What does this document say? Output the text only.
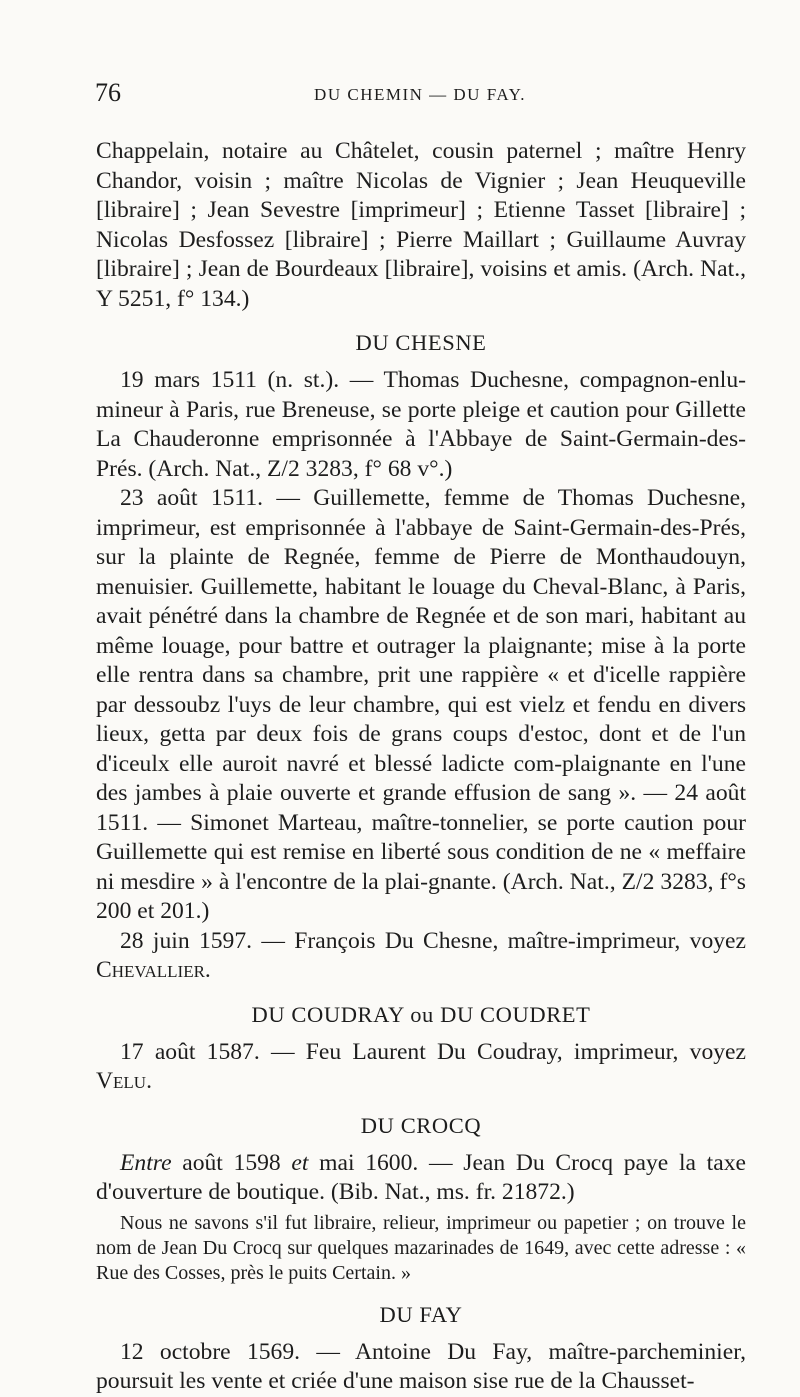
76	DU CHEMIN — DU FAY.

Chappelain, notaire au Châtelet, cousin paternel ; maître Henry Chandor, voisin ; maître Nicolas de Vignier ; Jean Heuqueville [libraire] ; Jean Sevestre [imprimeur] ; Etienne Tasset [libraire] ; Nicolas Desfossez [libraire] ; Pierre Maillart ; Guillaume Auvray [libraire] ; Jean de Bourdeaux [libraire], voisins et amis. (Arch. Nat., Y 5251, f° 134.)

DU CHESNE

19 mars 1511 (n. st.). — Thomas Duchesne, compagnon-enlu-mineur à Paris, rue Breneuse, se porte pleige et caution pour Gillette La Chauderonne emprisonnée à l'Abbaye de Saint-Germain-des-Prés. (Arch. Nat., Z/2 3283, f° 68 v°.)

23 août 1511. — Guillemette, femme de Thomas Duchesne, imprimeur, est emprisonnée à l'abbaye de Saint-Germain-des-Prés, sur la plainte de Regnée, femme de Pierre de Monthaudouyn, menuisier. Guillemette, habitant le louage du Cheval-Blanc, à Paris, avait pénétré dans la chambre de Regnée et de son mari, habitant au même louage, pour battre et outrager la plaignante; mise à la porte elle rentra dans sa chambre, prit une rappière « et d'icelle rappière par dessoubz l'uys de leur chambre, qui est vielz et fendu en divers lieux, getta par deux fois de grans coups d'estoc, dont et de l'un d'iceulx elle auroit navré et blessé ladicte com-plaignante en l'une des jambes à plaie ouverte et grande effusion de sang ». — 24 août 1511. — Simonet Marteau, maître-tonnelier, se porte caution pour Guillemette qui est remise en liberté sous condition de ne « meffaire ni mesdire » à l'encontre de la plai-gnante. (Arch. Nat., Z/2 3283, f°s 200 et 201.)

28 juin 1597. — François Du Chesne, maître-imprimeur, voyez Chevallier.

DU COUDRAY ou DU COUDRET

17 août 1587. — Feu Laurent Du Coudray, imprimeur, voyez Velu.

DU CROCQ

Entre août 1598 et mai 1600. — Jean Du Crocq paye la taxe d'ouverture de boutique. (Bib. Nat., ms. fr. 21872.)

Nous ne savons s'il fut libraire, relieur, imprimeur ou papetier ; on trouve le nom de Jean Du Crocq sur quelques mazarinades de 1649, avec cette adresse : « Rue des Cosses, près le puits Certain. »

DU FAY

12 octobre 1569. — Antoine Du Fay, maître-parcheminier, poursuit les vente et criée d'une maison sise rue de la Chausset-
